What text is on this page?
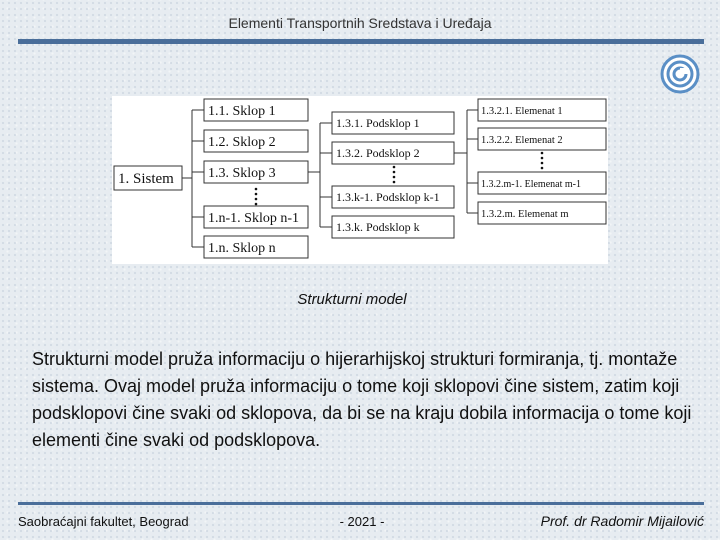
Elementi Transportnih Sredstava i Uređaja
1. Sistem
1.1. Sklop 1
1.2. Sklop 2
1.3. Sklop 3
1.n-1. Sklop n-1
1.n. Sklop n
1.3.1. Podsklop 1
1.3.2. Podsklop 2
1.3.k-1. Podsklop k-1
1.3.k. Podsklop k
1.3.2.1. Elemenat 1
1.3.2.2. Elemenat 2
1.3.2.m-1. Elemenat m-1
1.3.2.m. Elemenat m
Strukturni model
Strukturni model pruža informaciju o hijerarhijskoj strukturi formiranja, tj. montaže sistema. Ovaj model pruža informaciju o tome koji sklopovi čine sistem, zatim koji podsklopovi čine svaki od sklopova, da bi se na kraju dobila informacija o tome koji elementi čine svaki od podsklopova.
Saobraćajni fakultet, Beograd	- 2021 -	Prof. dr Radomir Mijailović
